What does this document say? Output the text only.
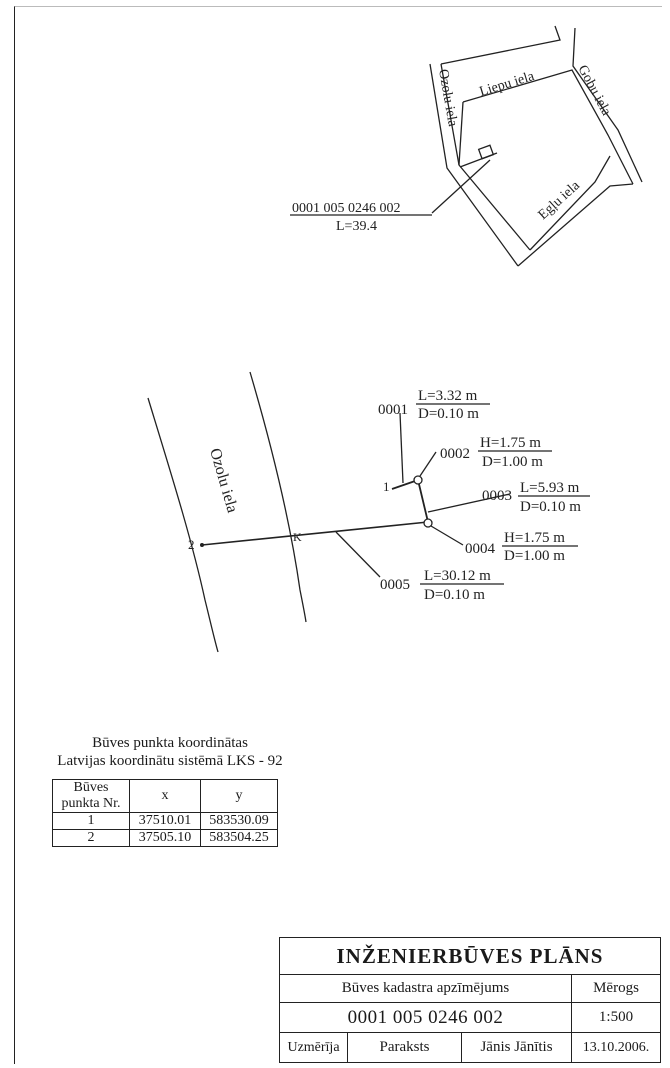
Ozolu iela Liepu iela	Gobu iela
Egļu iela
0001 005 0246 002
L=39.4
Ozolu iela	1
2	K
0001
L=3.32 m
D=0.10 m
0002
H=1.75 m
D=1.00 m
0003 L=5.93 m
D=0.10 m
0004
H=1.75 m
D=1.00 m
0005
L=30.12 m
D=0.10 m
Būves punkta koordinātas
Latvijas koordinātu sistēmā LKS - 92
Būves
punkta Nr.	x	y
1	37510.01	583530.09
2	37505.10	583504.25
INŽENIERBŪVES PLĀNS
Būves kadastra apzīmējums	Mērogs
0001 005 0246 002	1:500
Uzmērīja	Paraksts	Jānis Jānītis	13.10.2006.
